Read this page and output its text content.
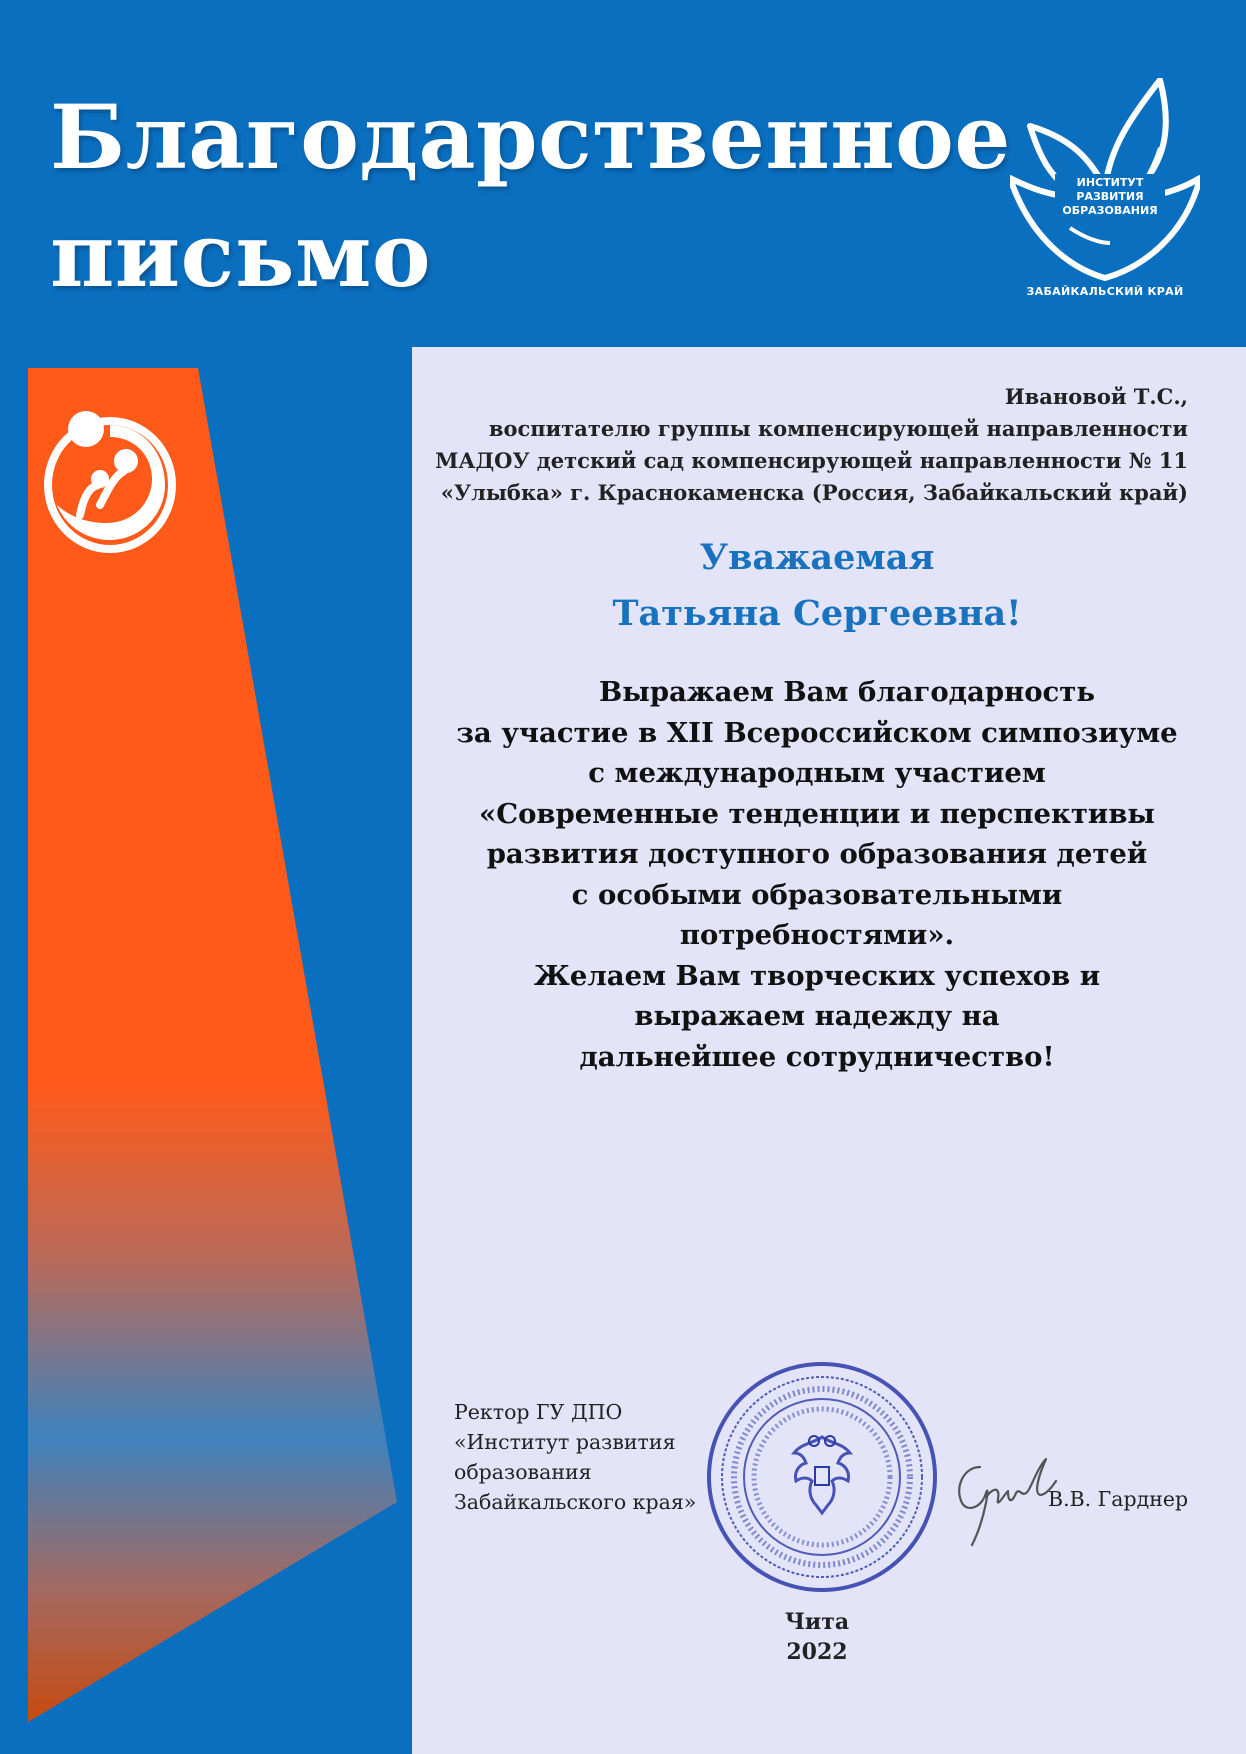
Благодарственное
письмо
ИНСТИТУТ
РАЗВИТИЯ
ОБРАЗОВАНИЯ
ЗАБАЙКАЛЬСКИЙ КРАЙ
Ивановой Т.С.,
воспитателю группы компенсирующей направленности
МАДОУ детский сад компенсирующей направленности № 11
«Улыбка» г. Краснокаменска (Россия, Забайкальский край)
Уважаемая
Татьяна Сергеевна!
Выражаем Вам благодарность
за участие в XII Всероссийском симпозиуме
с международным участием
«Современные тенденции и перспективы
развития доступного образования детей
с особыми образовательными
потребностями».
Желаем Вам творческих успехов и
выражаем надежду на
дальнейшее сотрудничество!
Ректор ГУ ДПО
«Институт развития
образования
Забайкальского края»	В.В. Гарднер
Чита
2022
